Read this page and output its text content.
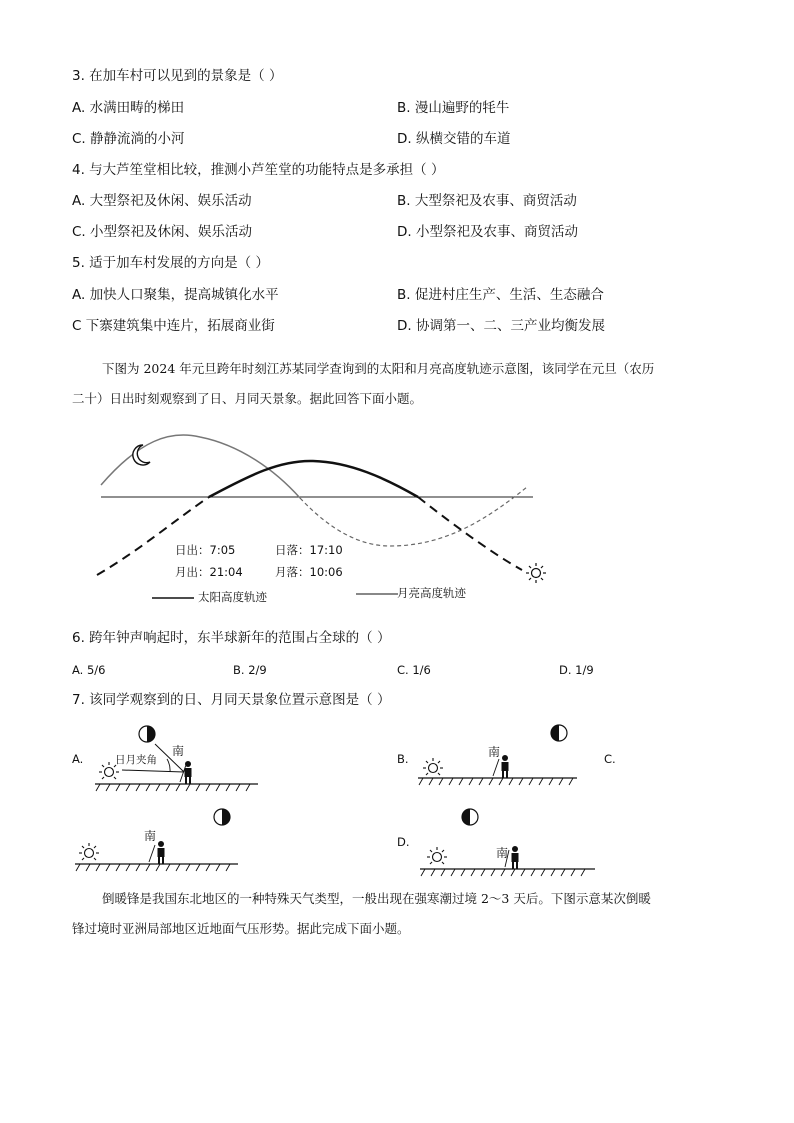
3. 在加车村可以见到的景象是（ ）
A. 水满田畴的梯田	B. 漫山遍野的牦牛
C. 静静流淌的小河	D. 纵横交错的车道
4. 与大芦笙堂相比较，推测小芦笙堂的功能特点是多承担（ ）
A. 大型祭祀及休闲、娱乐活动	B. 大型祭祀及农事、商贸活动
C. 小型祭祀及休闲、娱乐活动	D. 小型祭祀及农事、商贸活动
5. 适于加车村发展的方向是（ ）
A. 加快人口聚集，提高城镇化水平	B. 促进村庄生产、生活、生态融合
C 下寨建筑集中连片，拓展商业街	D. 协调第一、二、三产业均衡发展
下图为 2024 年元旦跨年时刻江苏某同学查询到的太阳和月亮高度轨迹示意图，该同学在元旦（农历
二十）日出时刻观察到了日、月同天景象。据此回答下面小题。
日出：7:05	日落：17:10
月出：21:04	月落：10:06
太阳高度轨迹	月亮高度轨迹
6. 跨年钟声响起时，东半球新年的范围占全球的（ ）
A. 5/6	B. 2/9	C. 1/6	D. 1/9
7. 该同学观察到的日、月同天景象位置示意图是（ ）
A.	B.	C.
D.
日月夹角
南	南
南
南
倒暖锋是我国东北地区的一种特殊天气类型，一般出现在强寒潮过境 2～3 天后。下图示意某次倒暖
锋过境时亚洲局部地区近地面气压形势。据此完成下面小题。
